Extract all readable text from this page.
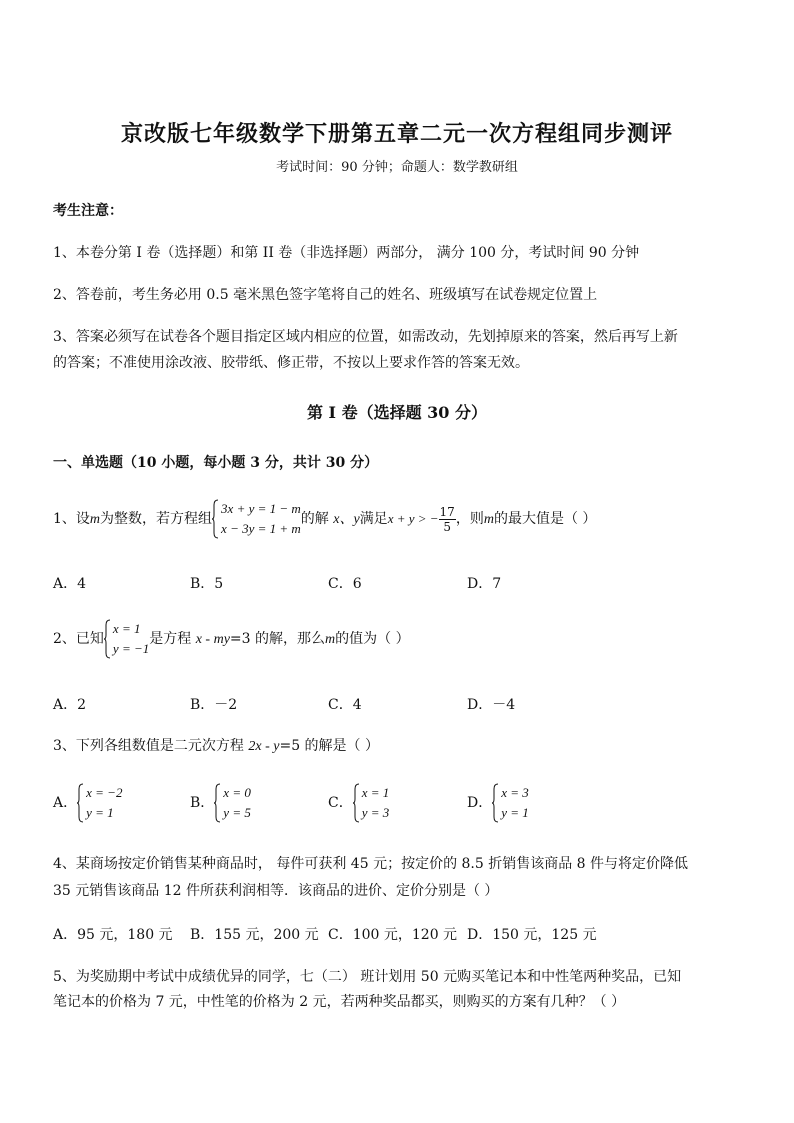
京改版七年级数学下册第五章二元一次方程组同步测评
考试时间：90 分钟；命题人：数学教研组
考生注意：
1、本卷分第 I 卷（选择题）和第 II 卷（非选择题）两部分， 满分 100 分，考试时间 90 分钟
2、答卷前，考生务必用 0.5 毫米黑色签字笔将自己的姓名、班级填写在试卷规定位置上
3、答案必须写在试卷各个题目指定区域内相应的位置，如需改动，先划掉原来的答案，然后再写上新
的答案；不准使用涂改液、胶带纸、修正带，不按以上要求作答的答案无效。
第 I 卷（选择题 30 分）
一、单选题（10 小题，每小题 3 分，共计 30 分）
1、设m为整数，若方程组
3x + y = 1 − m
x − 3y = 1 + m
的解 x、y满足x + y > − $\frac{17}{5}$ ，则m的最大值是（ ）
A．4	B．5	C．6	D．7
2、已知
x = 1
y = −1
是方程 x - my=3 的解，那么m的值为（ ）
A．2	B．－2	C．4	D．－4
3、下列各组数值是二元次方程 2x - y=5 的解是（ ）
A．
x = −2
y = 1
B．
x = 0
y = 5
C．
x = 1
y = 3
D．
x = 3
y = 1
4、某商场按定价销售某种商品时， 每件可获利 45 元；按定价的 8.5 折销售该商品 8 件与将定价降低
35 元销售该商品 12 件所获利润相等．该商品的进价、定价分别是（ ）
A．95 元，180 元 B．155 元，200 元 C．100 元，120 元 D．150 元，125 元
5、为奖励期中考试中成绩优异的同学，七（二） 班计划用 50 元购买笔记本和中性笔两种奖品，已知
笔记本的价格为 7 元，中性笔的价格为 2 元，若两种奖品都买，则购买的方案有几种？（ ）
